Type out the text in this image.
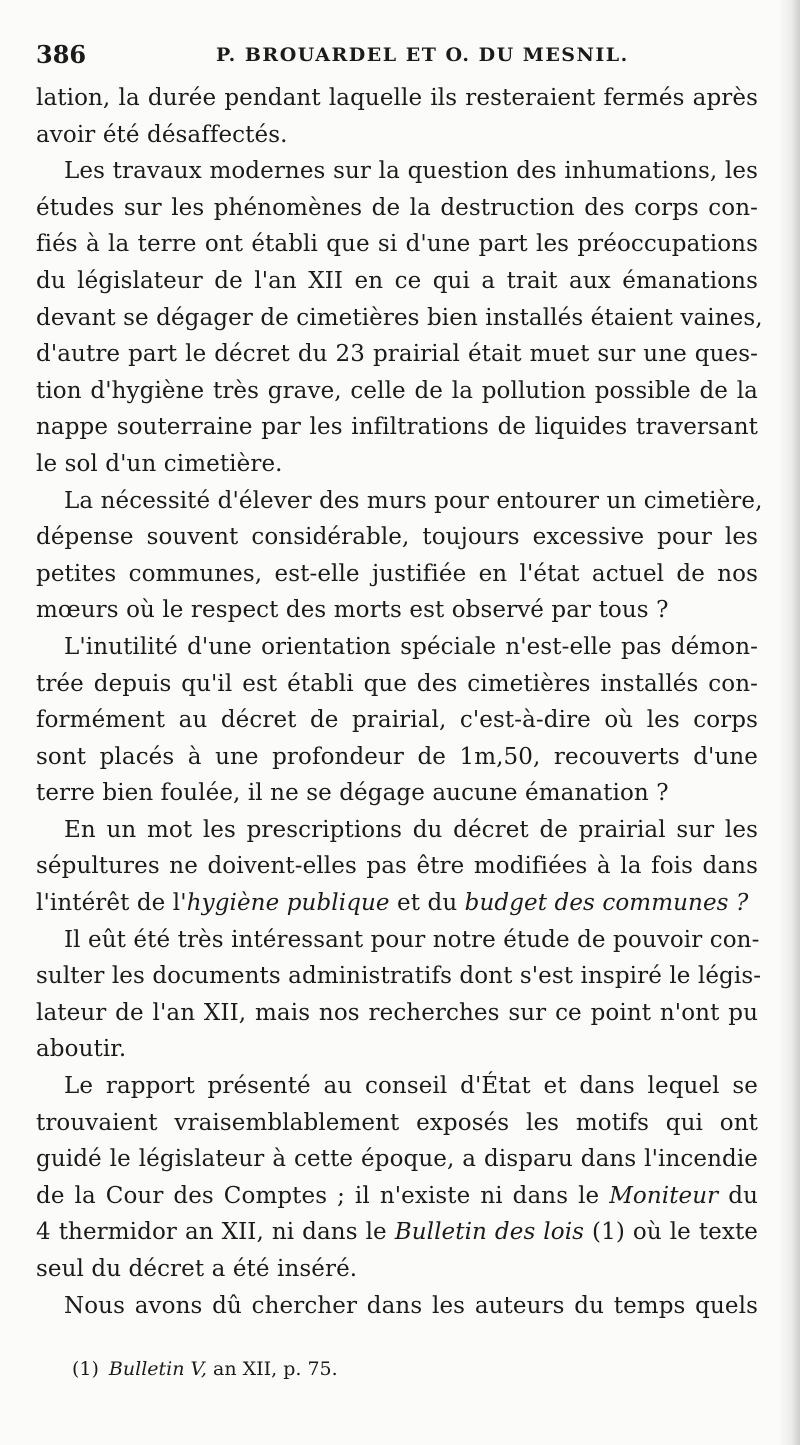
386	P. BROUARDEL ET O. DU MESNIL.
lation, la durée pendant laquelle ils resteraient fermés après
avoir été désaffectés.
Les travaux modernes sur la question des inhumations, les
études sur les phénomènes de la destruction des corps con-
fiés à la terre ont établi que si d'une part les préoccupations
du législateur de l'an XII en ce qui a trait aux émanations
devant se dégager de cimetières bien installés étaient vaines,
d'autre part le décret du 23 prairial était muet sur une ques-
tion d'hygiène très grave, celle de la pollution possible de la
nappe souterraine par les infiltrations de liquides traversant
le sol d'un cimetière.
La nécessité d'élever des murs pour entourer un cimetière,
dépense souvent considérable, toujours excessive pour les
petites communes, est-elle justifiée en l'état actuel de nos
mœurs où le respect des morts est observé par tous ?
L'inutilité d'une orientation spéciale n'est-elle pas démon-
trée depuis qu'il est établi que des cimetières installés con-
formément au décret de prairial, c'est-à-dire où les corps
sont placés à une profondeur de 1m,50, recouverts d'une
terre bien foulée, il ne se dégage aucune émanation ?
En un mot les prescriptions du décret de prairial sur les
sépultures ne doivent-elles pas être modifiées à la fois dans
l'intérêt de l'hygiène publique et du budget des communes ?
Il eût été très intéressant pour notre étude de pouvoir con-
sulter les documents administratifs dont s'est inspiré le légis-
lateur de l'an XII, mais nos recherches sur ce point n'ont pu
aboutir.
Le rapport présenté au conseil d'État et dans lequel se
trouvaient vraisemblablement exposés les motifs qui ont
guidé le législateur à cette époque, a disparu dans l'incendie
de la Cour des Comptes ; il n'existe ni dans le Moniteur du
4 thermidor an XII, ni dans le Bulletin des lois (1) où le texte
seul du décret a été inséré.
Nous avons dû chercher dans les auteurs du temps quels
(1) Bulletin V, an XII, p. 75.
